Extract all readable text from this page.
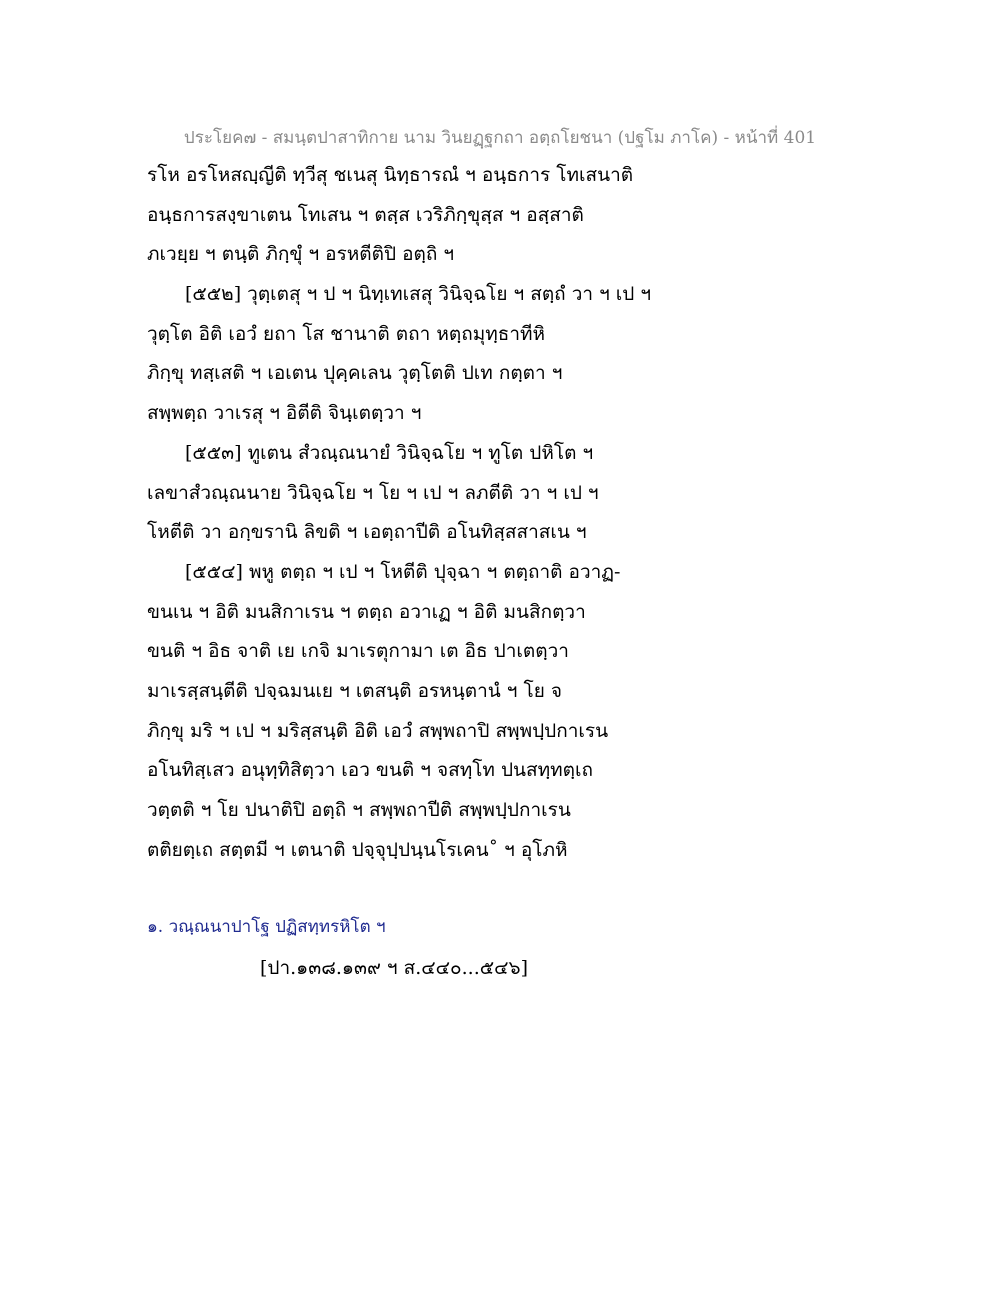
ประโยค๗ - สมนฺตปาสาทิกาย นาม วินยฏฺฐกถา อตฺถโยชนา (ปฐโม ภาโค) - หน้าที่ 401
รโห อรโหสญฺญีติ ทฺวีสุ ชเนสุ นิทฺธารณํ ฯ อนฺธการ โทเสนาติ
อนฺธการสงฺขาเตน โทเสน ฯ ตสฺส เวริภิกฺขุสฺส ฯ อสฺสาติ
ภเวยฺย ฯ ตนฺติ ภิกฺขุํ ฯ อรหตีติปิ อตฺถิ ฯ
[๕๕๒] วุตฺเตสุ ฯ ป ฯ นิทฺเทเสสุ วินิจฺฉโย ฯ สตฺถํ วา ฯ เป ฯ
วุตฺโต อิติ เอวํ ยถา โส ชานาติ ตถา หตฺถมุทฺธาทีหิ
ภิกฺขุ ทสฺเสติ ฯ เอเตน ปุคฺคเลน วุตฺโตติ ปเท กตฺตา ฯ
สพฺพตฺถ วาเรสุ ฯ อิตีติ จินฺเตตฺวา ฯ
[๕๕๓] ทูเตน สํวณฺณนายํ วินิจฺฉโย ฯ ทูโต ปหิโต ฯ
เลขาสํวณฺณนาย วินิจฺฉโย ฯ โย ฯ เป ฯ ลภตีติ วา ฯ เป ฯ
โหตีติ วา อกฺขรานิ ลิขติ ฯ เอตฺถาปีติ อโนทิสฺสสาสเน ฯ
[๕๕๔] พหู ตตฺถ ฯ เป ฯ โหตีติ ปุจฺฉา ฯ ตตฺถาติ อวาฏ-
ขนเน ฯ อิติ มนสิกาเรน ฯ ตตฺถ อวาเฏ ฯ อิติ มนสิกตฺวา
ขนติ ฯ อิธ จาติ เย เกจิ มาเรตุกามา เต อิธ ปาเตตฺวา
มาเรสฺสนฺตีติ ปจฺฉมนเย ฯ เตสนฺติ อรหนฺตานํ ฯ โย จ
ภิกฺขุ มริ ฯ เป ฯ มริสฺสนฺติ อิติ เอวํ สพฺพถาปิ สพฺพปฺปกาเรน
อโนทิสฺเสว อนุทฺทิสิตฺวา เอว ขนติ ฯ จสทฺโท ปนสทฺทตฺเถ
วตฺตติ ฯ โย ปนาติปิ อตฺถิ ฯ สพฺพถาปีติ สพฺพปฺปกาเรน
ตติยตฺเถ สตฺตมี ฯ เตนาติ ปจฺจุปฺปนฺนโรเคน˚ ฯ อุโภหิ
๑. วณฺณนาปาโฐ ปฏิสทฺทรหิโต ฯ
[ปา.๑๓๘.๑๓๙ ฯ ส.๔๔๐...๕๔๖]
